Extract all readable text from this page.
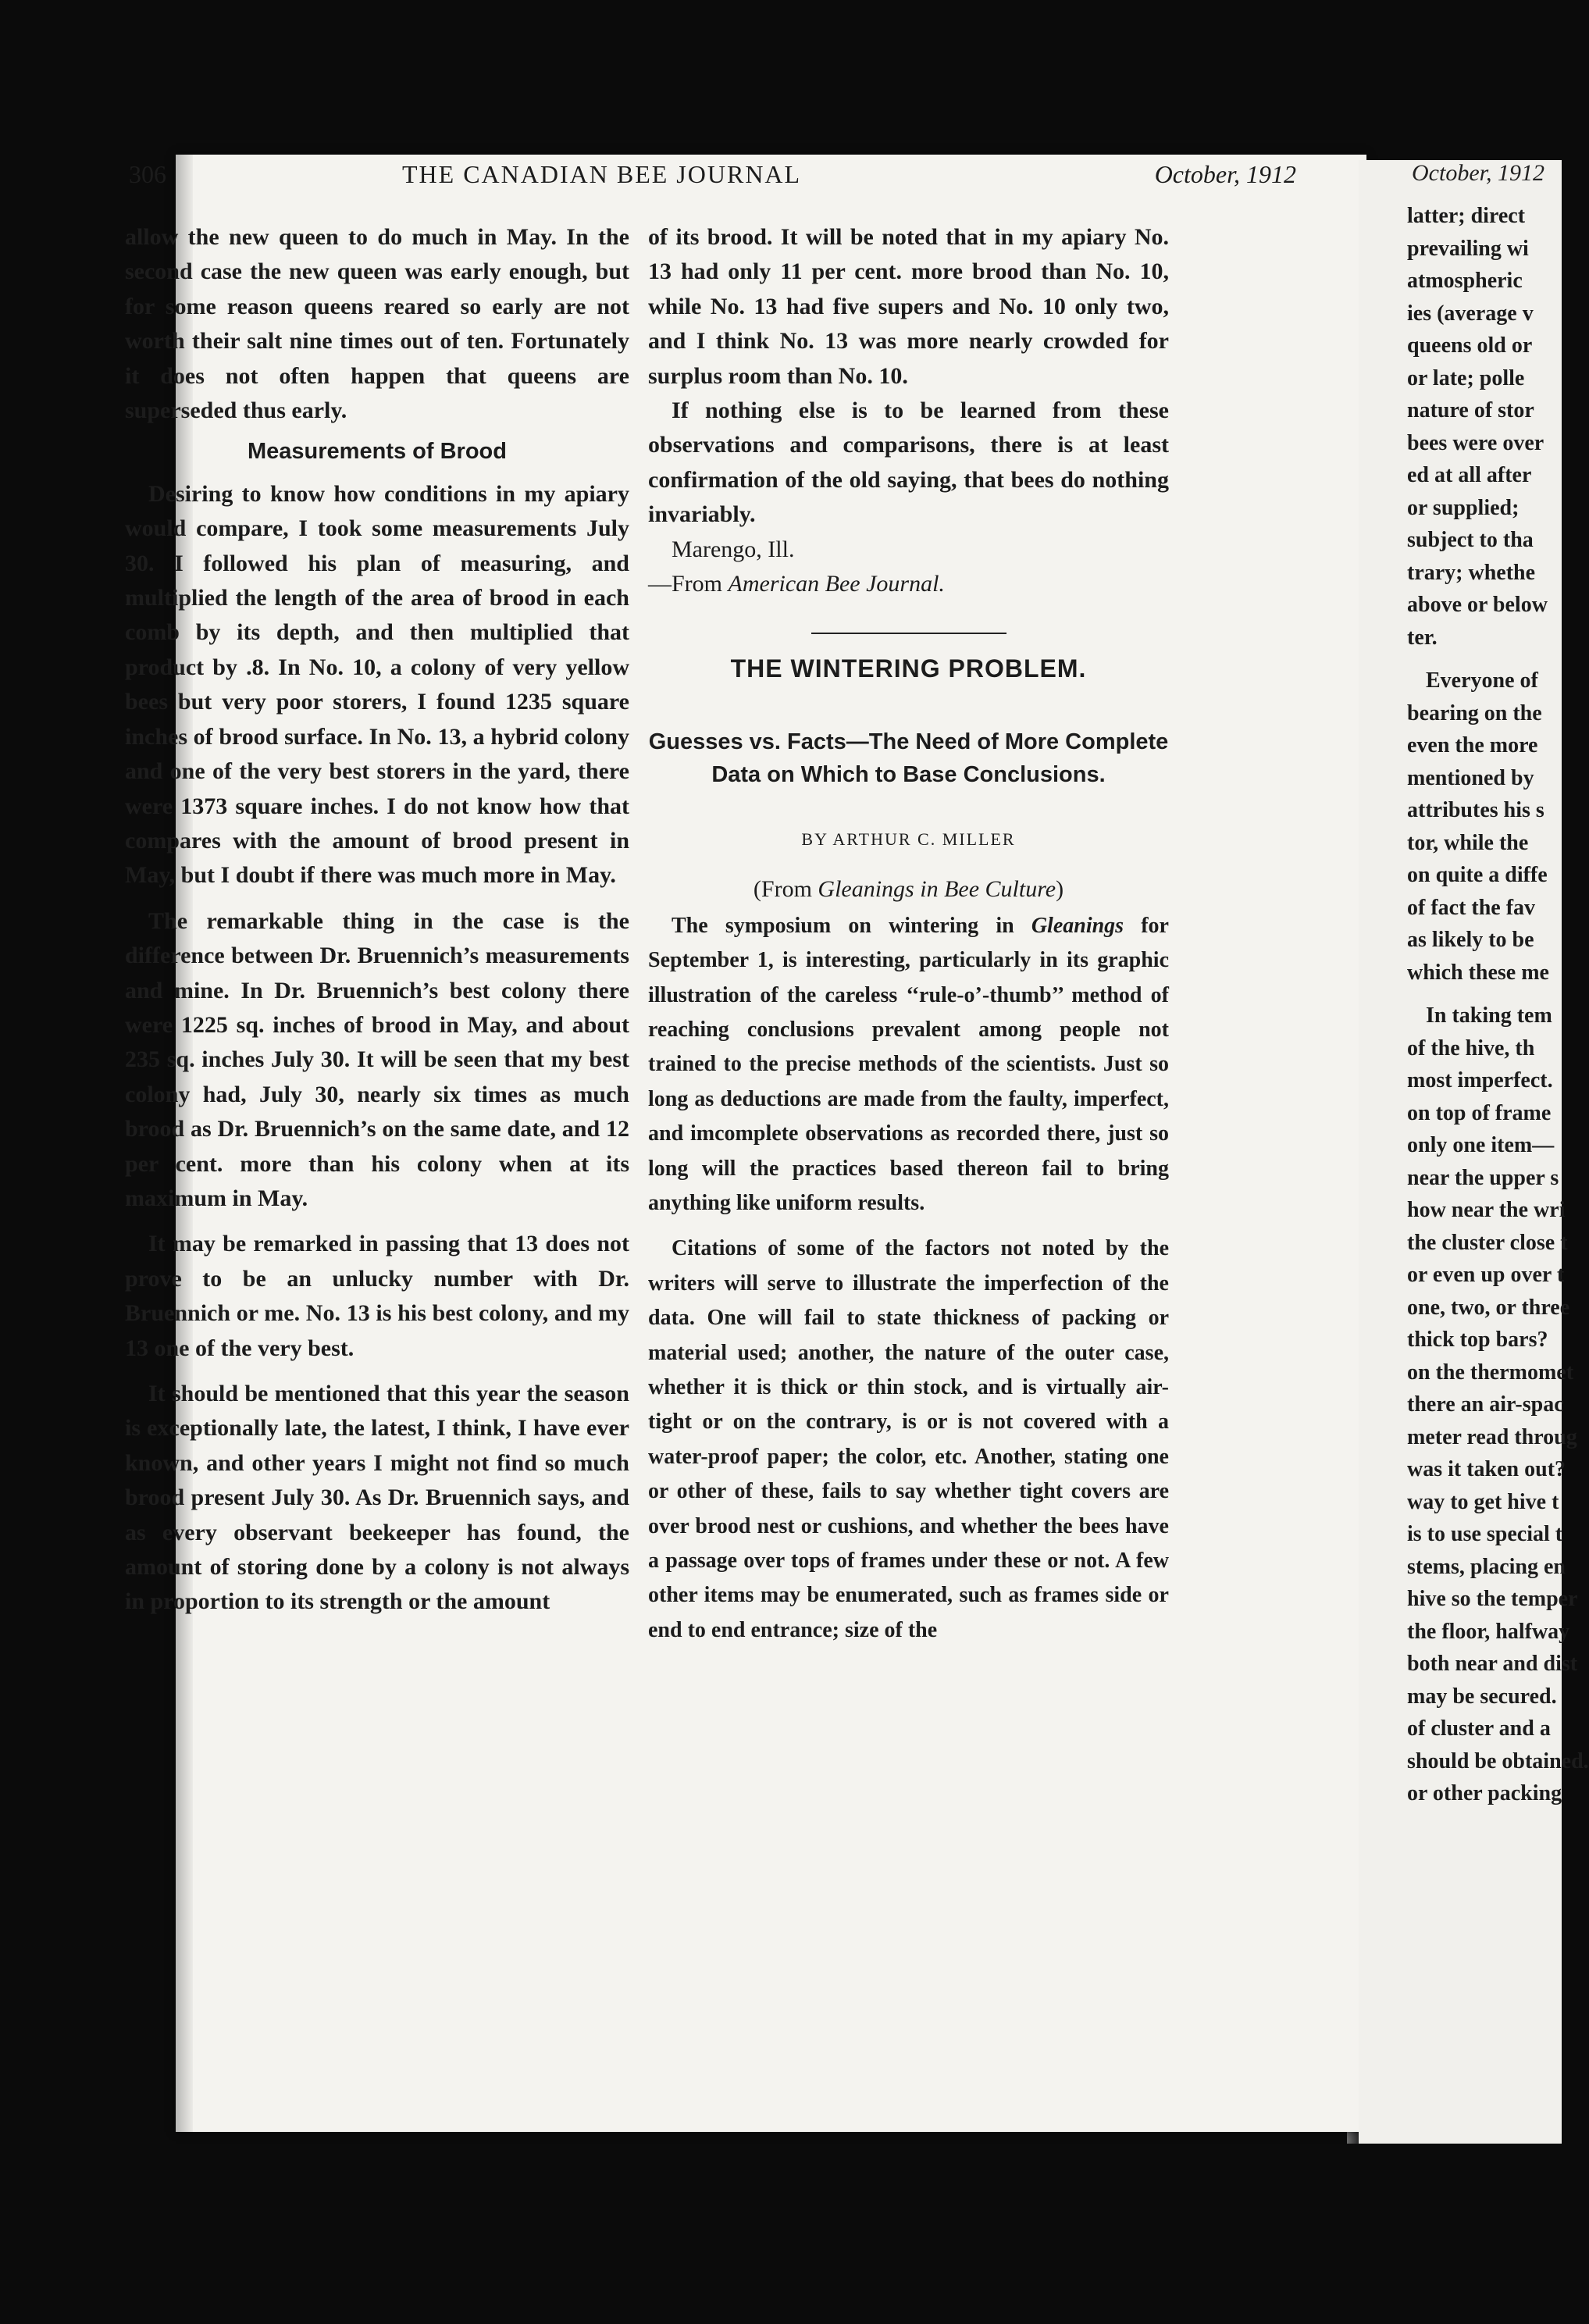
306	THE CANADIAN BEE JOURNAL	October, 1912

allow the new queen to do much in May. In the second case the new queen was early enough, but for some reason queens reared so early are not worth their salt nine times out of ten. Fortunately it does not often happen that queens are superseded thus early.

Measurements of Brood

Desiring to know how conditions in my apiary would compare, I took some measurements July 30. I followed his plan of measuring, and multiplied the length of the area of brood in each comb by its depth, and then multiplied that product by .8. In No. 10, a colony of very yellow bees but very poor storers, I found 1235 square inches of brood surface. In No. 13, a hybrid colony and one of the very best storers in the yard, there were 1373 square inches. I do not know how that compares with the amount of brood present in May, but I doubt if there was much more in May.

The remarkable thing in the case is the difference between Dr. Bruennich’s measurements and mine. In Dr. Bruennich’s best colony there were 1225 sq. inches of brood in May, and about 235 sq. inches July 30. It will be seen that my best colony had, July 30, nearly six times as much brood as Dr. Bruennich’s on the same date, and 12 per cent. more than his colony when at its maximum in May.

It may be remarked in passing that 13 does not prove to be an unlucky number with Dr. Bruennich or me. No. 13 is his best colony, and my 13 one of the very best.

It should be mentioned that this year the season is exceptionally late, the latest, I think, I have ever known, and other years I might not find so much brood present July 30. As Dr. Bruennich says, and as every observant beekeeper has found, the amount of storing done by a colony is not always in proportion to its strength or the amount

of its brood. It will be noted that in my apiary No. 13 had only 11 per cent. more brood than No. 10, while No. 13 had five supers and No. 10 only two, and I think No. 13 was more nearly crowded for surplus room than No. 10.

If nothing else is to be learned from these observations and comparisons, there is at least confirmation of the old saying, that bees do nothing invariably.

Marengo, Ill.

—From American Bee Journal.

THE WINTERING PROBLEM.
Guesses vs. Facts—The Need of More Complete Data on Which to Base Conclusions.
BY ARTHUR C. MILLER
(From Gleanings in Bee Culture)

The symposium on wintering in Gleanings for September 1, is interesting, particularly in its graphic illustration of the careless ‘‘rule-o’-thumb’’ method of reaching conclusions prevalent among people not trained to the precise methods of the scientists. Just so long as deductions are made from the faulty, imperfect, and imcomplete observations as recorded there, just so long will the practices based thereon fail to bring anything like uniform results.

Citations of some of the factors not noted by the writers will serve to illustrate the imperfection of the data. One will fail to state thickness of packing or material used; another, the nature of the outer case, whether it is thick or thin stock, and is virtually air-tight or on the contrary, is or is not covered with a water-proof paper; the color, etc. Another, stating one or other of these, fails to say whether tight covers are over brood nest or cushions, and whether the bees have a passage over tops of frames under these or not. A few other items may be enumerated, such as frames side or end to end entrance; size of the

October, 1912
latter; direct
prevailing wi
atmospheric
ies (average v
queens old or
or late; polle
nature of stor
bees were over
ed at all after
or supplied;
subject to tha
trary; whethe
above or below
ter.
Everyone of
bearing on the
even the more
mentioned by
attributes his s
tor, while the
on quite a diffe
of fact the fav
as likely to be
which these me
In taking tem
of the hive, th
most imperfect.
on top of frame
only one item—
near the upper s
how near the wri
the cluster close t
or even up over t
one, two, or three
thick top bars?
on the thermomet
there an air-spac
meter read throug
was it taken out?
way to get hive t
is to use special t
stems, placing en
hive so the temper
the floor, halfway
both near and dist
may be secured.
of cluster and a
should be obtained.
or other packing
